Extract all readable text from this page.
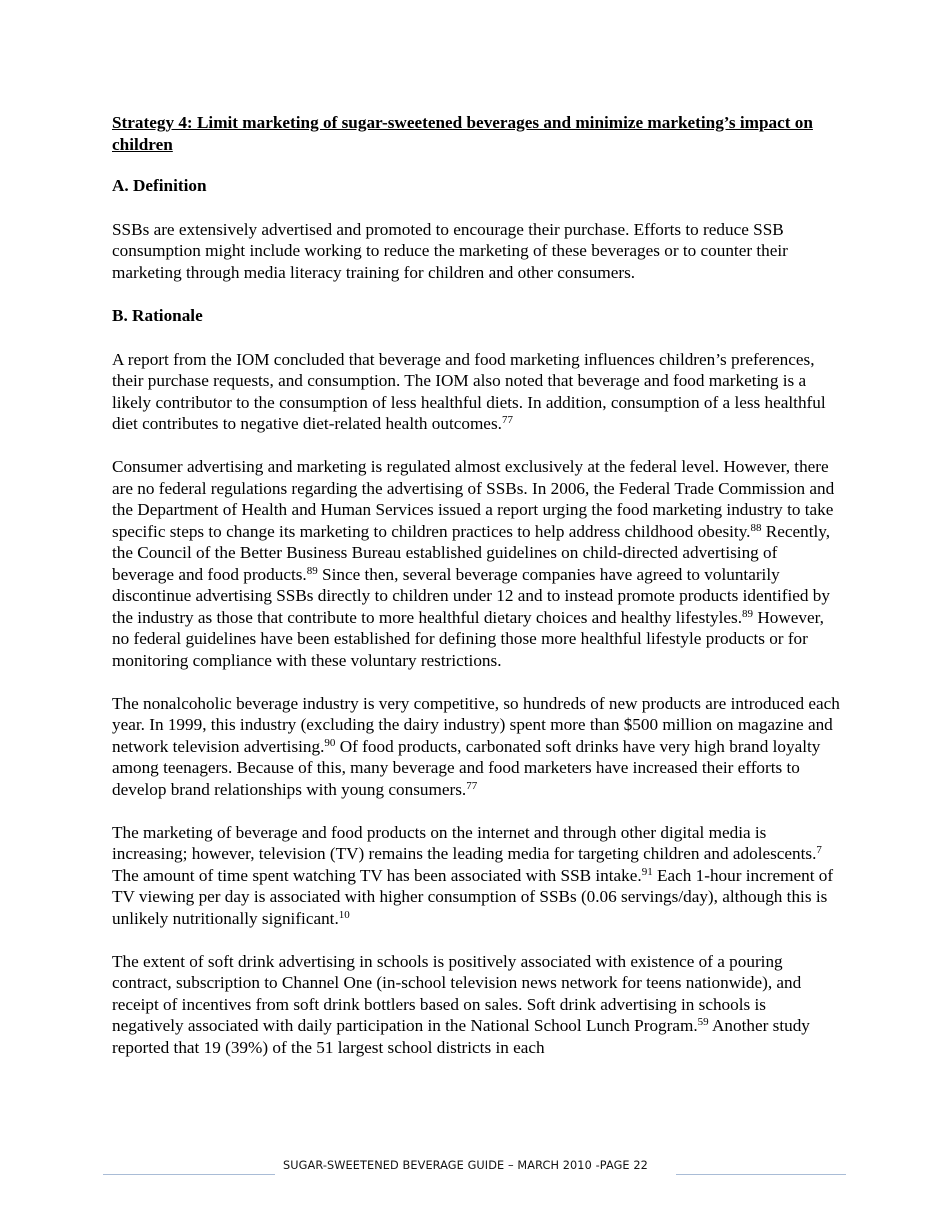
Strategy 4: Limit marketing of sugar-sweetened beverages and minimize marketing’s impact on children

A. Definition

SSBs are extensively advertised and promoted to encourage their purchase. Efforts to reduce SSB consumption might include working to reduce the marketing of these beverages or to counter their marketing through media literacy training for children and other consumers.

B. Rationale

A report from the IOM concluded that beverage and food marketing influences children’s preferences, their purchase requests, and consumption. The IOM also noted that beverage and food marketing is a likely contributor to the consumption of less healthful diets. In addition, consumption of a less healthful diet contributes to negative diet-related health outcomes.$^{77}$

Consumer advertising and marketing is regulated almost exclusively at the federal level. However, there are no federal regulations regarding the advertising of SSBs. In 2006, the Federal Trade Commission and the Department of Health and Human Services issued a report urging the food marketing industry to take specific steps to change its marketing to children practices to help address childhood obesity.$^{88}$ Recently, the Council of the Better Business Bureau established guidelines on child-directed advertising of beverage and food products.$^{89}$ Since then, several beverage companies have agreed to voluntarily discontinue advertising SSBs directly to children under 12 and to instead promote products identified by the industry as those that contribute to more healthful dietary choices and healthy lifestyles.$^{89}$ However, no federal guidelines have been established for defining those more healthful lifestyle products or for monitoring compliance with these voluntary restrictions.

The nonalcoholic beverage industry is very competitive, so hundreds of new products are introduced each year. In 1999, this industry (excluding the dairy industry) spent more than $500 million on magazine and network television advertising.$^{90}$ Of food products, carbonated soft drinks have very high brand loyalty among teenagers. Because of this, many beverage and food marketers have increased their efforts to develop brand relationships with young consumers.$^{77}$

The marketing of beverage and food products on the internet and through other digital media is increasing; however, television (TV) remains the leading media for targeting children and adolescents.$^7$ The amount of time spent watching TV has been associated with SSB intake.$^{91}$ Each 1-hour increment of TV viewing per day is associated with higher consumption of SSBs (0.06 servings/day), although this is unlikely nutritionally significant.$^{10}$

The extent of soft drink advertising in schools is positively associated with existence of a pouring contract, subscription to Channel One (in-school television news network for teens nationwide), and receipt of incentives from soft drink bottlers based on sales. Soft drink advertising in schools is negatively associated with daily participation in the National School Lunch Program.$^{59}$ Another study reported that 19 (39%) of the 51 largest school districts in each

SUGAR-SWEETENED BEVERAGE GUIDE – MARCH 2010 -PAGE 22
